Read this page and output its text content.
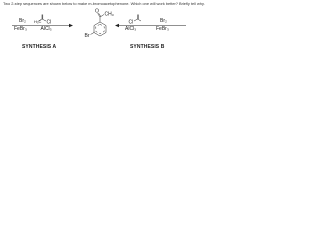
Two 2-step sequences are shown below to make m-bromoacetophenone. Which one will work better? Briefly tell why.
O CH₃
Br
Br₂
FeBr₃
H₃C Cl
AlCl₃
SYNTHESIS A
Cl
AlCl₃
Br₂
FeBr₃
SYNTHESIS B
